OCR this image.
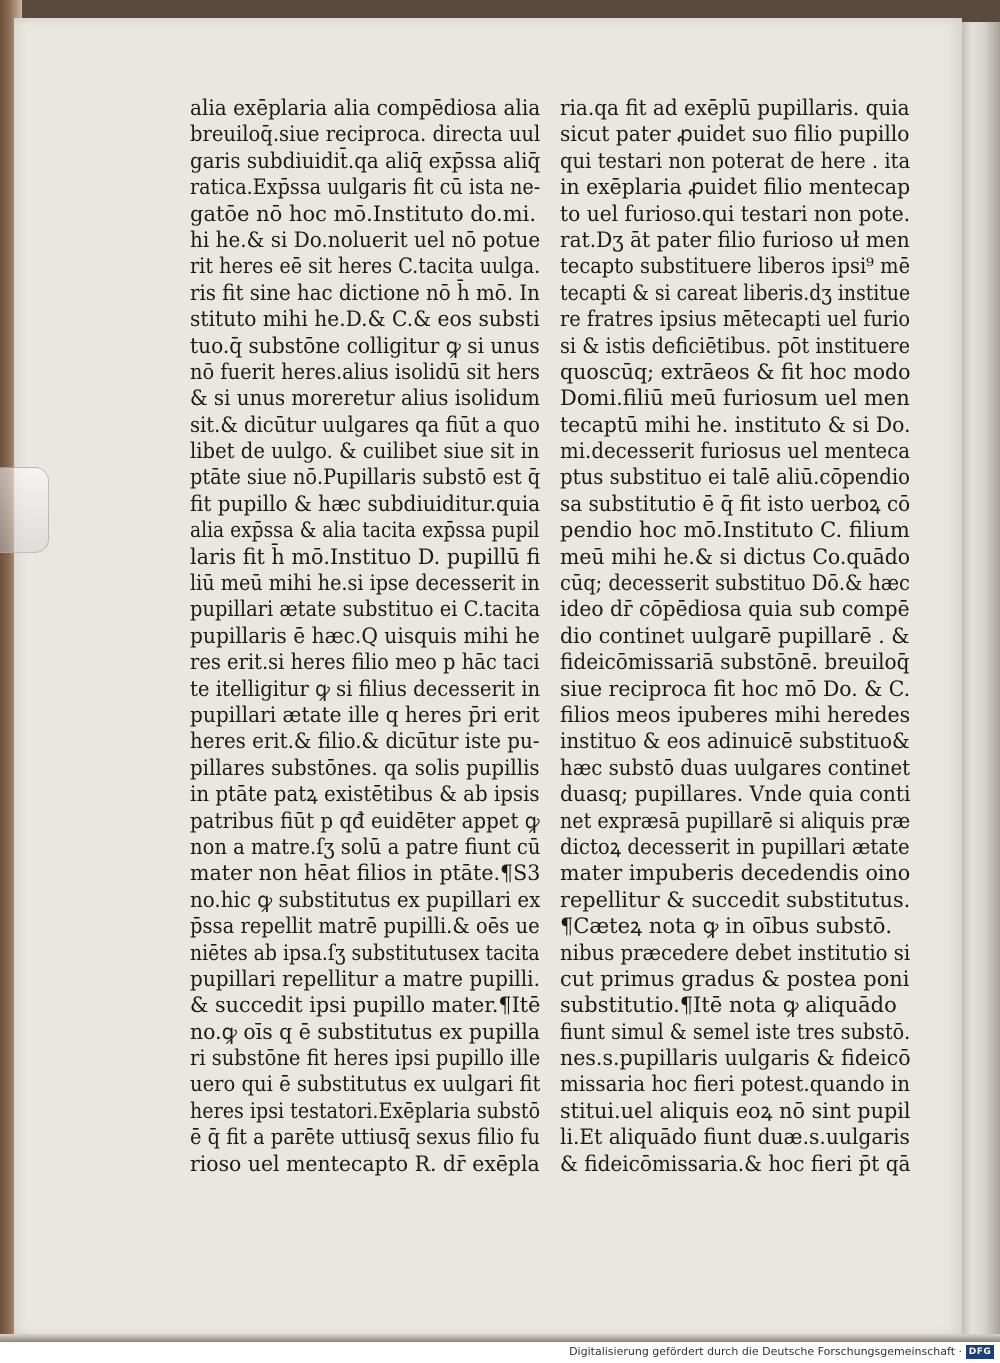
alia exēplaria alia compēdiosa alia
breuiloq̄.siue reciproca. directa uul
garis subdiuidit̄.qa aliq̄ exp̄ssa aliq̄
ratica.Exp̄ssa uulgaris fit cū ista ne-
gatōe nō hoc mō.Instituto do.mi.
hi he.& si Do.noluerit uel nō potue
rit heres eē sit heres C.tacita uulga.
ris fit sine hac dictione nō h̄ mō. In
stituto mihi he.D.& C.& eos substi
tuo.q̄ substōne colligitur ꝙ si unus
nō fuerit heres.alius isolidū sit hers
& si unus moreretur alius isolidum
sit.& dicūtur uulgares qa fiūt a quo
libet de uulgo. & cuilibet siue sit in
ptāte siue nō.Pupillaris substō est q̄
fit pupillo & hæc subdiuiditur.quia
alia exp̄ssa & alia tacita exp̄ssa pupil
laris fit h̄ mō.Instituo D. pupillū fi
liū meū mihi he.si ipse decesserit in
pupillari ætate substituo ei C.tacita
pupillaris ē hæc.Q uisquis mihi he
res erit.si heres filio meo p hāc taci
te itelligitur ꝙ si filius decesserit in
pupillari ætate ille q heres p̄ri erit
heres erit.& filio.& dicūtur iste pu-
pillares substōnes. qa solis pupillis
in ptāte patꝝ existētibus & ab ipsis
patribus fiūt p qđ euidēter appet ꝙ
non a matre.ſʒ solū a patre fiunt cū
mater non hēat filios in ptāte.¶S3
no.hic ꝙ substitutus ex pupillari ex
p̄ssa repellit matrē pupilli.& oēs ue
niētes ab ipsa.ſʒ substitutusex tacita
pupillari repellitur a matre pupilli.
& succedit ipsi pupillo mater.¶Itē
no.ꝙ oīs q ē substitutus ex pupilla
ri substōne fit heres ipsi pupillo ille
uero qui ē substitutus ex uulgari fit
heres ipsi testatori.Exēplaria substō
ē q̄ fit a parēte uttiusq̄ sexus filio fu
rioso uel mentecapto R. dr̄ exēpla
ria.qa fit ad exēplū pupillaris. quia
sicut pater ꝓuidet suo filio pupillo
qui testari non poterat de here . ita
in exēplaria ꝓuidet filio mentecap
to uel furioso.qui testari non pote.
rat.Dʒ āt pater filio furioso uł men
tecapto substituere liberos ipsi⁹ mē
tecapti & si careat liberis.dʒ institue
re fratres ipsius mētecapti uel furio
si & istis deficiētibus. pōt instituere
quoscūq; extrāeos & fit hoc modo
Domi.filiū meū furiosum uel men
tecaptū mihi he. instituto & si Do.
mi.decesserit furiosus uel menteca
ptus substituo ei talē aliū.cōpendio
sa substitutio ē q̄ fit isto uerboꝝ cō
pendio hoc mō.Instituto C. filium
meū mihi he.& si dictus Co.quādo
cūq; decesserit substituo Dō.& hæc
ideo dr̄ cōpēdiosa quia sub compē
dio continet uulgarē pupillarē . &
fideicōmissariā substōnē. breuiloq̄
siue reciproca fit hoc mō Do. & C.
filios meos ipuberes mihi heredes
instituo & eos adinuicē substituo&
hæc substō duas uulgares continet
duasq; pupillares. Vnde quia conti
net expræsā pupillarē si aliquis præ
dictoꝝ decesserit in pupillari ætate
mater impuberis decedendis oino
repellitur & succedit substitutus.
¶Cæteꝝ nota ꝙ in oībus substō.
nibus præcedere debet institutio si
cut primus gradus & postea poni
substitutio.¶Itē nota ꝙ aliquādo
fiunt simul & semel iste tres substō.
nes.s.pupillaris uulgaris & fideicō
missaria hoc fieri potest.quando in
stitui.uel aliquis eoꝝ nō sint pupil
li.Et aliquādo fiunt duæ.s.uulgaris
& fideicōmissaria.& hoc fieri p̄t qā
Digitalisierung gefördert durch die Deutsche Forschungsgemeinschaft · DFG
